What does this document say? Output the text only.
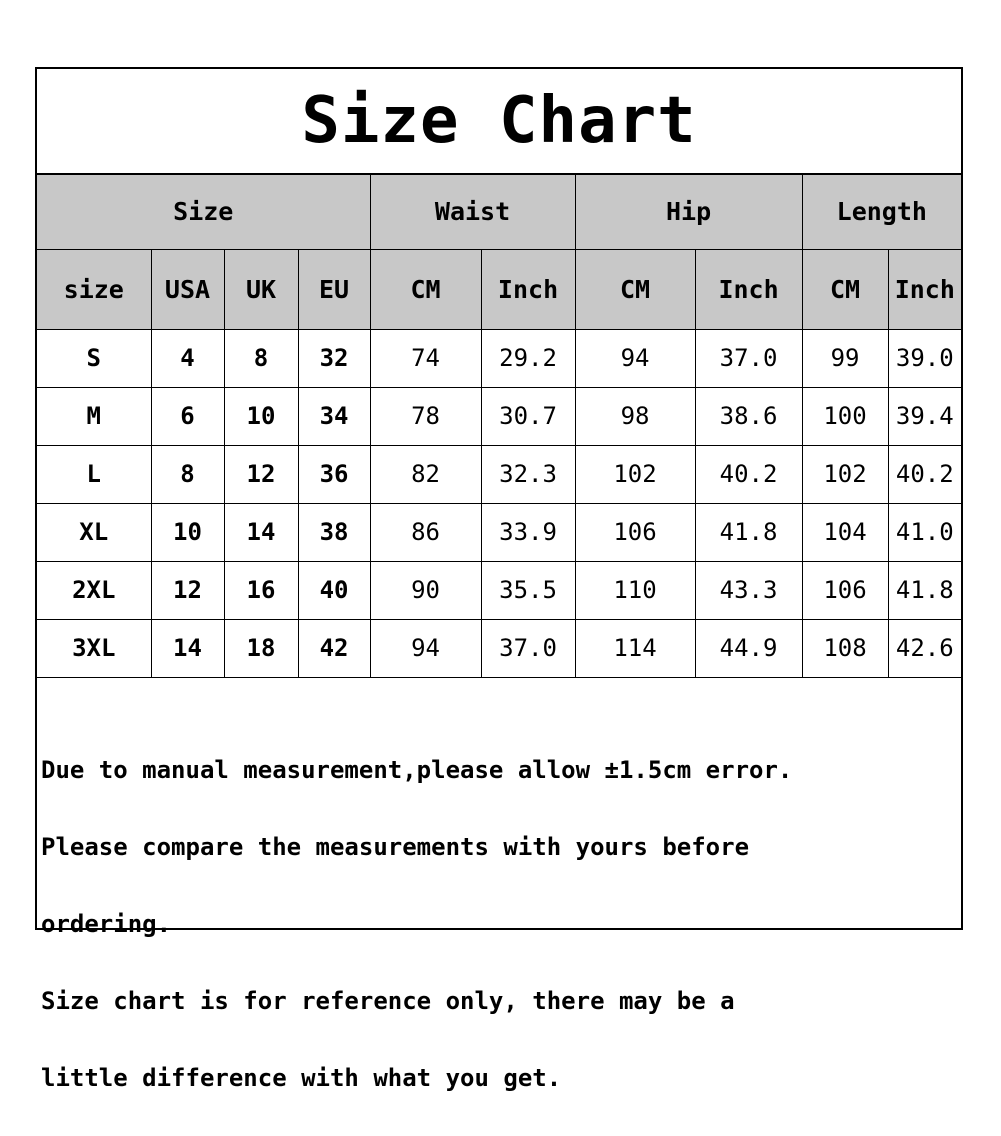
Size Chart
Size				Waist		Hip		Length	
size	USA	UK	EU	CM	Inch	CM	Inch	CM	Inch
S	4	8	32	74	29.2	94	37.0	99	39.0
M	6	10	34	78	30.7	98	38.6	100	39.4
L	8	12	36	82	32.3	102	40.2	102	40.2
XL	10	14	38	86	33.9	106	41.8	104	41.0
2XL	12	16	40	90	35.5	110	43.3	106	41.8
3XL	14	18	42	94	37.0	114	44.9	108	42.6

Due to manual measurement,please allow ±1.5cm error.

Please compare the measurements with yours before

ordering.

Size chart is for reference only, there may be a

little difference with what you get.
